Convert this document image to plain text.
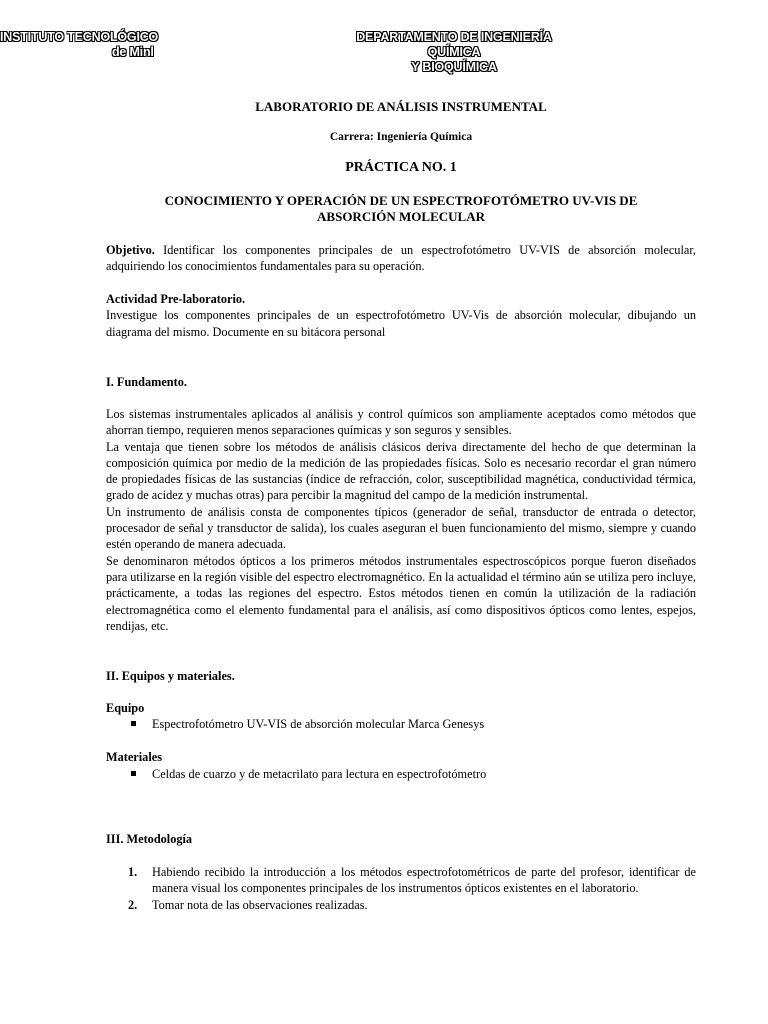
INSTITUTO TECNOLÓGICO
de Minl
DEPARTAMENTO DE INGENIERÍA QUÍMICA
Y BIOQUÍMICA
LABORATORIO DE ANÁLISIS INSTRUMENTAL
Carrera: Ingeniería Química
PRÁCTICA NO. 1
CONOCIMIENTO Y OPERACIÓN DE UN ESPECTROFOTÓMETRO UV-VIS DE
ABSORCIÓN MOLECULAR
Objetivo. Identificar los componentes principales de un espectrofotómetro UV-VIS de absorción molecular, adquiriendo los conocimientos fundamentales para su operación.
Actividad Pre-laboratorio.
Investigue los componentes principales de un espectrofotómetro UV-Vis de absorción molecular, dibujando un diagrama del mismo. Documente en su bitácora personal
I. Fundamento.

Los sistemas instrumentales aplicados al análisis y control químicos son ampliamente aceptados como métodos que ahorran tiempo, requieren menos separaciones químicas y son seguros y sensibles.

La ventaja que tienen sobre los métodos de análisis clásicos deriva directamente del hecho de que determinan la composición química por medio de la medición de las propiedades físicas. Solo es necesario recordar el gran número de propiedades físicas de las sustancias (índice de refracción, color, susceptibilidad magnética, conductividad térmica, grado de acidez y muchas otras) para percibir la magnitud del campo de la medición instrumental.

Un instrumento de análisis consta de componentes típicos (generador de señal, transductor de entrada o detector, procesador de señal y transductor de salida), los cuales aseguran el buen funcionamiento del mismo, siempre y cuando estén operando de manera adecuada.

Se denominaron métodos ópticos a los primeros métodos instrumentales espectroscópicos porque fueron diseñados para utilizarse en la región visible del espectro electromagnético. En la actualidad el término aún se utiliza pero incluye, prácticamente, a todas las regiones del espectro. Estos métodos tienen en común la utilización de la radiación electromagnética como el elemento fundamental para el análisis, así como dispositivos ópticos como lentes, espejos, rendijas, etc.

II. Equipos y materiales.
Equipo
Espectrofotómetro UV-VIS de absorción molecular Marca Genesys
Materiales
Celdas de cuarzo y de metacrilato para lectura en espectrofotómetro
III. Metodología
1. Habiendo recibido la introducción a los métodos espectrofotométricos de parte del profesor, identificar de manera visual los componentes principales de los instrumentos ópticos existentes en el laboratorio.
2. Tomar nota de las observaciones realizadas.
